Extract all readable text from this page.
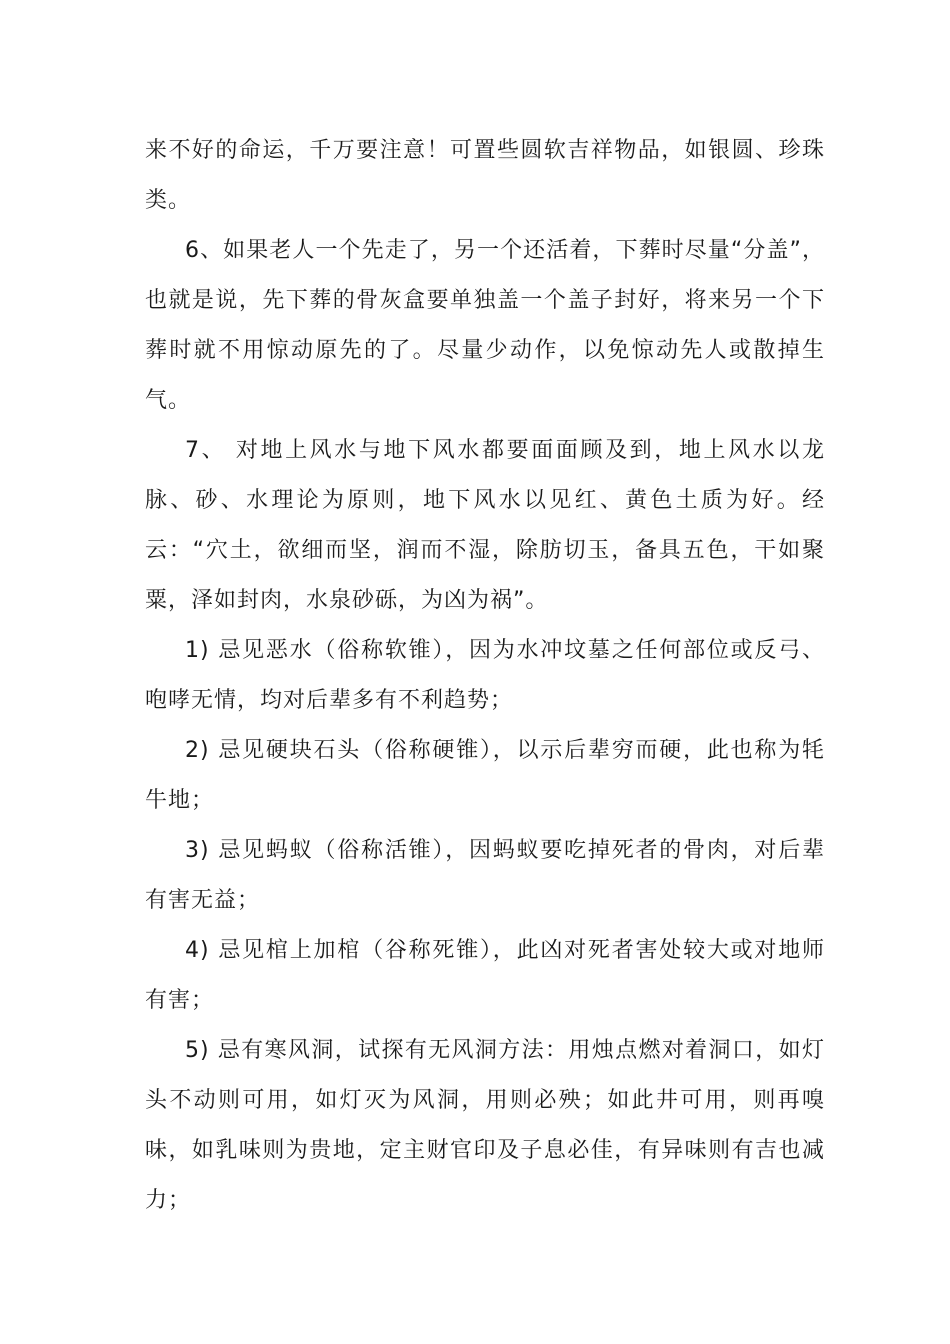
来不好的命运，千万要注意！可置些圆软吉祥物品，如银圆、珍珠类。

6、如果老人一个先走了，另一个还活着，下葬时尽量“分盖”，也就是说，先下葬的骨灰盒要单独盖一个盖子封好，将来另一个下葬时就不用惊动原先的了。尽量少动作，以免惊动先人或散掉生气。

7、 对地上风水与地下风水都要面面顾及到，地上风水以龙脉、砂、水理论为原则，地下风水以见红、黄色土质为好。经云：“穴土，欲细而坚，润而不湿，除肪切玉，备具五色，干如聚粟，泽如封肉，水泉砂砾，为凶为祸”。

1) 忌见恶水（俗称软锥），因为水冲坟墓之任何部位或反弓、咆哮无情，均对后辈多有不利趋势；

2) 忌见硬块石头（俗称硬锥），以示后辈穷而硬，此也称为牦牛地；

3) 忌见蚂蚁（俗称活锥），因蚂蚁要吃掉死者的骨肉，对后辈有害无益；

4) 忌见棺上加棺（谷称死锥），此凶对死者害处较大或对地师有害；

5) 忌有寒风洞，试探有无风洞方法：用烛点燃对着洞口，如灯头不动则可用，如灯灭为风洞，用则必殃；如此井可用，则再嗅味，如乳味则为贵地，定主财官印及子息必佳，有异味则有吉也减力；
